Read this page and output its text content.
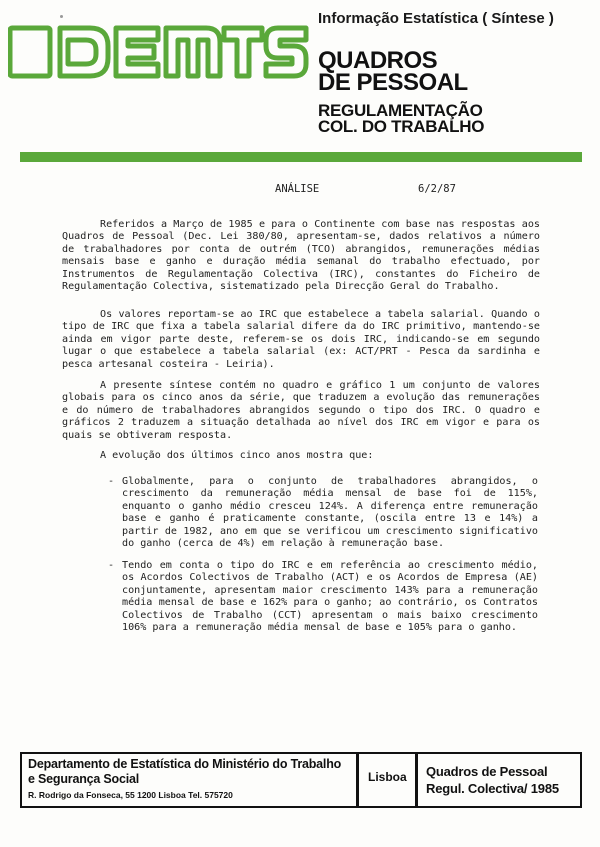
Informação Estatística ( Síntese )
QUADROS
DE PESSOAL
REGULAMENTAÇÃO
COL. DO TRABALHO
ANÁLISE	6/2/87

Referidos a Março de 1985 e para o Continente com base nas respostas aos Quadros de Pessoal (Dec. Lei 380/80, apresentam-se, dados relativos a número de trabalhadores por conta de outrém (TCO) abrangidos, remunerações médias mensais base e ganho e duração média semanal do trabalho efectuado, por Instrumentos de Regulamentação Colectiva (IRC), constantes do Ficheiro de Regulamentação Colectiva, sistematizado pela Direcção Geral do Trabalho.

Os valores reportam-se ao IRC que estabelece a tabela salarial. Quando o tipo de IRC que fixa a tabela salarial difere da do IRC primitivo, mantendo-se ainda em vigor parte deste, referem-se os dois IRC, indicando-se em segundo lugar o que estabelece a tabela salarial (ex: ACT/PRT - Pesca da sardinha e pesca artesanal costeira - Leiria).

A presente síntese contém no quadro e gráfico 1 um conjunto de valores globais para os cinco anos da série, que traduzem a evolução das remunerações e do número de trabalhadores abrangidos segundo o tipo dos IRC. O quadro e gráficos 2 traduzem a situação detalhada ao nível dos IRC em vigor e para os quais se obtiveram resposta.

A evolução dos últimos cinco anos mostra que:

- Globalmente, para o conjunto de trabalhadores abrangidos, o crescimento da remuneração média mensal de base foi de 115%, enquanto o ganho médio cresceu 124%. A diferença entre remuneração base e ganho é praticamente constante, (oscila entre 13 e 14%) a partir de 1982, ano em que se verificou um crescimento significativo do ganho (cerca de 4%) em relação à remuneração base.

- Tendo em conta o tipo do IRC e em referência ao crescimento médio, os Acordos Colectivos de Trabalho (ACT) e os Acordos de Empresa (AE) conjuntamente, apresentam maior crescimento 143% para a remuneração média mensal de base e 162% para o ganho; ao contrário, os Contratos Colectivos de Trabalho (CCT) apresentam o mais baixo crescimento 106% para a remuneração média mensal de base e 105% para o ganho.

Departamento de Estatística do Ministério do Trabalho
e Segurança Social
R. Rodrigo da Fonseca, 55 1200 Lisboa Tel. 575720
Lisboa Quadros de Pessoal
Regul. Colectiva/ 1985
